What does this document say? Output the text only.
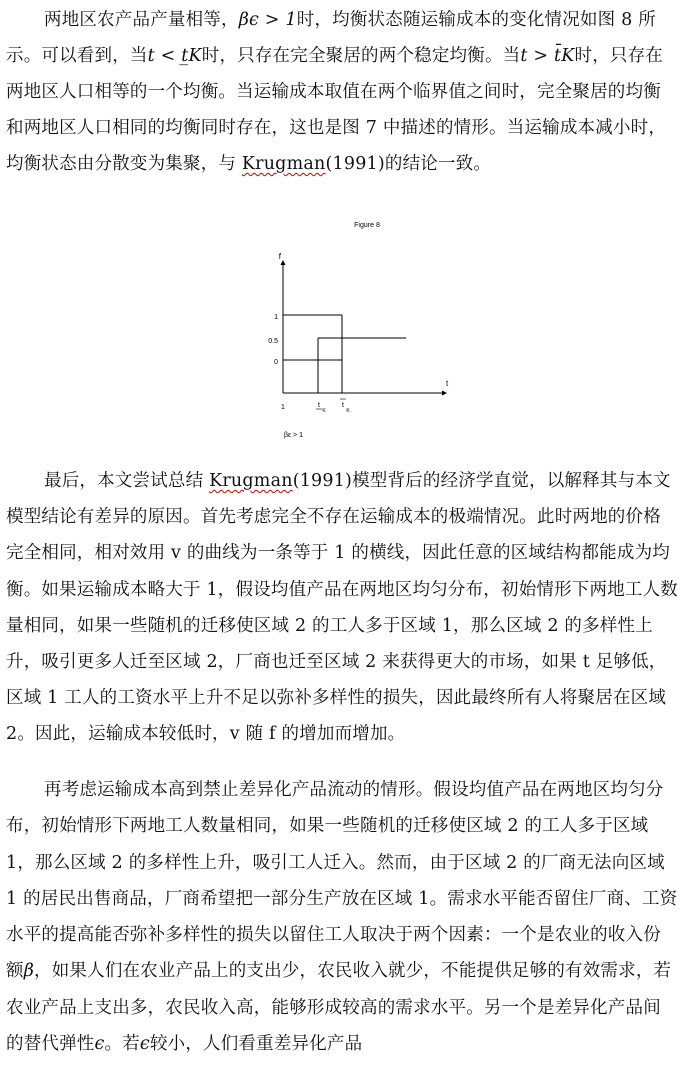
两地区农产品产量相等，βϵ > 1时，均衡状态随运输成本的变化情况如图 8 所示。可以看到，当t < t̲K时，只存在完全聚居的两个稳定均衡。当t > t̄K时，只存在两地区人口相等的一个均衡。当运输成本取值在两个临界值之间时，完全聚居的均衡和两地区人口相同的均衡同时存在，这也是图 7 中描述的情形。当运输成本减小时，均衡状态由分散变为集聚，与 Krugman(1991)的结论一致。

Figure 8
f
t
1
0.5
0
1	t
K
t
K
βε > 1

最后，本文尝试总结 Krugman(1991)模型背后的经济学直觉，以解释其与本文模型结论有差异的原因。首先考虑完全不存在运输成本的极端情况。此时两地的价格完全相同，相对效用 v 的曲线为一条等于 1 的横线，因此任意的区域结构都能成为均衡。如果运输成本略大于 1，假设均值产品在两地区均匀分布，初始情形下两地工人数量相同，如果一些随机的迁移使区域 2 的工人多于区域 1，那么区域 2 的多样性上升，吸引更多人迁至区域 2，厂商也迁至区域 2 来获得更大的市场，如果 t 足够低，区域 1 工人的工资水平上升不足以弥补多样性的损失，因此最终所有人将聚居在区域 2。因此，运输成本较低时，v 随 f 的增加而增加。

再考虑运输成本高到禁止差异化产品流动的情形。假设均值产品在两地区均匀分布，初始情形下两地工人数量相同，如果一些随机的迁移使区域 2 的工人多于区域 1，那么区域 2 的多样性上升，吸引工人迁入。然而，由于区域 2 的厂商无法向区域 1 的居民出售商品，厂商希望把一部分生产放在区域 1。需求水平能否留住厂商、工资水平的提高能否弥补多样性的损失以留住工人取决于两个因素：一个是农业的收入份额β，如果人们在农业产品上的支出少，农民收入就少，不能提供足够的有效需求，若农业产品上支出多，农民收入高，能够形成较高的需求水平。另一个是差异化产品间的替代弹性ϵ。若ϵ较小，人们看重差异化产品
